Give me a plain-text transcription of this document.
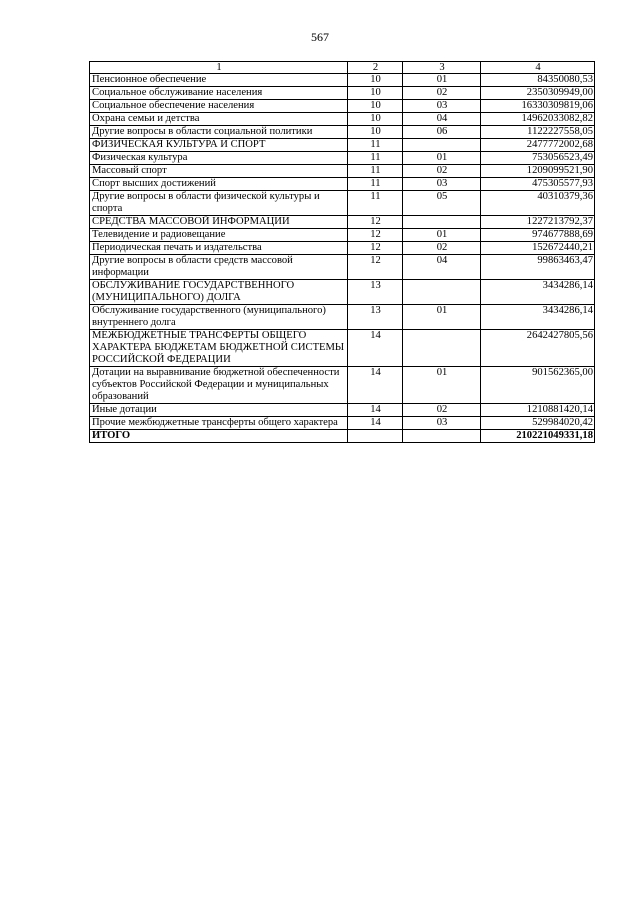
567
1	2	3	4
Пенсионное обеспечение	10	01	84350080,53
Социальное обслуживание населения	10	02	2350309949,00
Социальное обеспечение населения	10	03	16330309819,06
Охрана семьи и детства	10	04	14962033082,82
Другие вопросы в области социальной политики	10	06	1122227558,05
ФИЗИЧЕСКАЯ КУЛЬТУРА И СПОРТ	11		2477772002,68
Физическая культура	11	01	753056523,49
Массовый спорт	11	02	1209099521,90
Спорт высших достижений	11	03	475305577,93
Другие вопросы в области физической культуры и спорта	11	05	40310379,36
СРЕДСТВА МАССОВОЙ ИНФОРМАЦИИ	12		1227213792,37
Телевидение и радиовещание	12	01	974677888,69
Периодическая печать и издательства	12	02	152672440,21
Другие вопросы в области средств массовой информации	12	04	99863463,47
ОБСЛУЖИВАНИЕ ГОСУДАРСТВЕННОГО (МУНИЦИПАЛЬНОГО) ДОЛГА	13		3434286,14
Обслуживание государственного (муниципального) внутреннего долга	13	01	3434286,14
МЕЖБЮДЖЕТНЫЕ ТРАНСФЕРТЫ ОБЩЕГО ХАРАКТЕРА БЮДЖЕТАМ БЮДЖЕТНОЙ СИСТЕМЫ РОССИЙСКОЙ ФЕДЕРАЦИИ	14		2642427805,56
Дотации на выравнивание бюджетной обеспеченности субъектов Российской Федерации и муниципальных образований	14	01	901562365,00
Иные дотации	14	02	1210881420,14
Прочие межбюджетные трансферты общего характера	14	03	529984020,42
ИТОГО			210221049331,18
